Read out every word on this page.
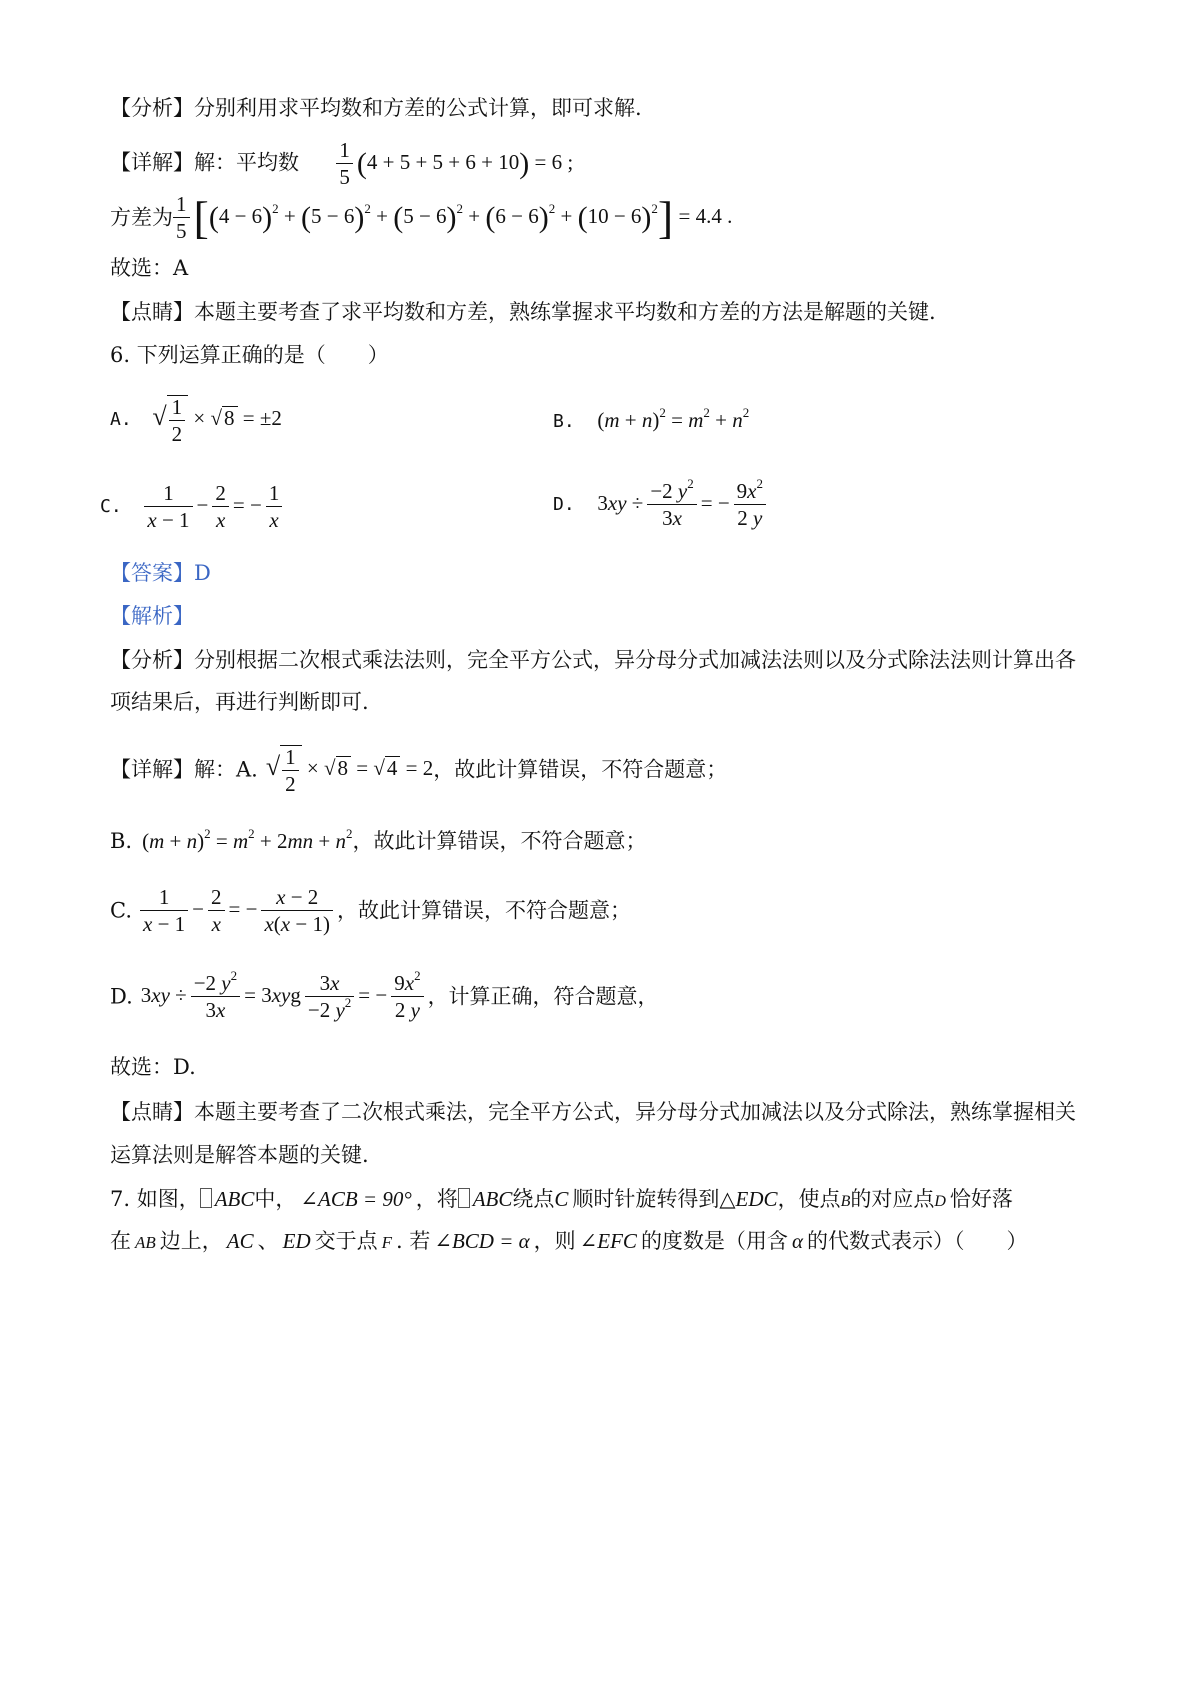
【分析】分别利用求平均数和方差的公式计算，即可求解.
【详解】解：平均数 $\frac{1}{5} (4 + 5 + 5 + 6 + 10) = 6$ ;
方差为 $\frac{1}{5} [(4 - 6)^2 + (5 - 6)^2 + (5 - 6)^2 + (6 - 6)^2 + (10 - 6)^2] = 4.4$ .
故选：A
【点睛】本题主要考查了求平均数和方差，熟练掌握求平均数和方差的方法是解题的关键.
6. 下列运算正确的是（　　）
A. √ $\frac{1}{2} \times √8 = \pm 2$	B. $(m + n)^2 = m^2 + n^2$
C. $\frac{1}{x - 1} - \frac{2}{x}$ = − $\frac{1}{x}$	D. $3xy \div \frac{-2 y^2}{3x}$ = − $\frac{9x^2}{2 y}$
【答案】D
【解析】
【分析】分别根据二次根式乘法法则，完全平方公式，异分母分式加减法法则以及分式除法法则计算出各
项结果后，再进行判断即可.
【详解】解：A. √ $\frac{1}{2} \times √8 = √4 = 2$，故此计算错误，不符合题意；
B. $(m + n)^2 = m^2 + 2mn + n^2$，故此计算错误，不符合题意；
C. $\frac{1}{x - 1} - \frac{2}{x}$ = − $\frac{x - 2}{x(x - 1)}$ ，故此计算错误，不符合题意；
D. $3xy \div \frac{-2 y^2}{3x} = 3xyg \frac{3x}{-2 y^2}$ = − $\frac{9x^2}{2 y}$ ，计算正确，符合题意，
故选：D.
【点睛】本题主要考查了二次根式乘法，完全平方公式，异分母分式加减法以及分式除法，熟练掌握相关
运算法则是解答本题的关键.
7. 如图， ABC中， ∠ACB = 90° ，将 ABC绕点C 顺时针旋转得到△EDC，使点B的对应点D 恰好落
在 AB 边上， AC 、 ED 交于点 F . 若 ∠BCD = α ，则 ∠EFC 的度数是（用含 α 的代数式表示）（　　）
